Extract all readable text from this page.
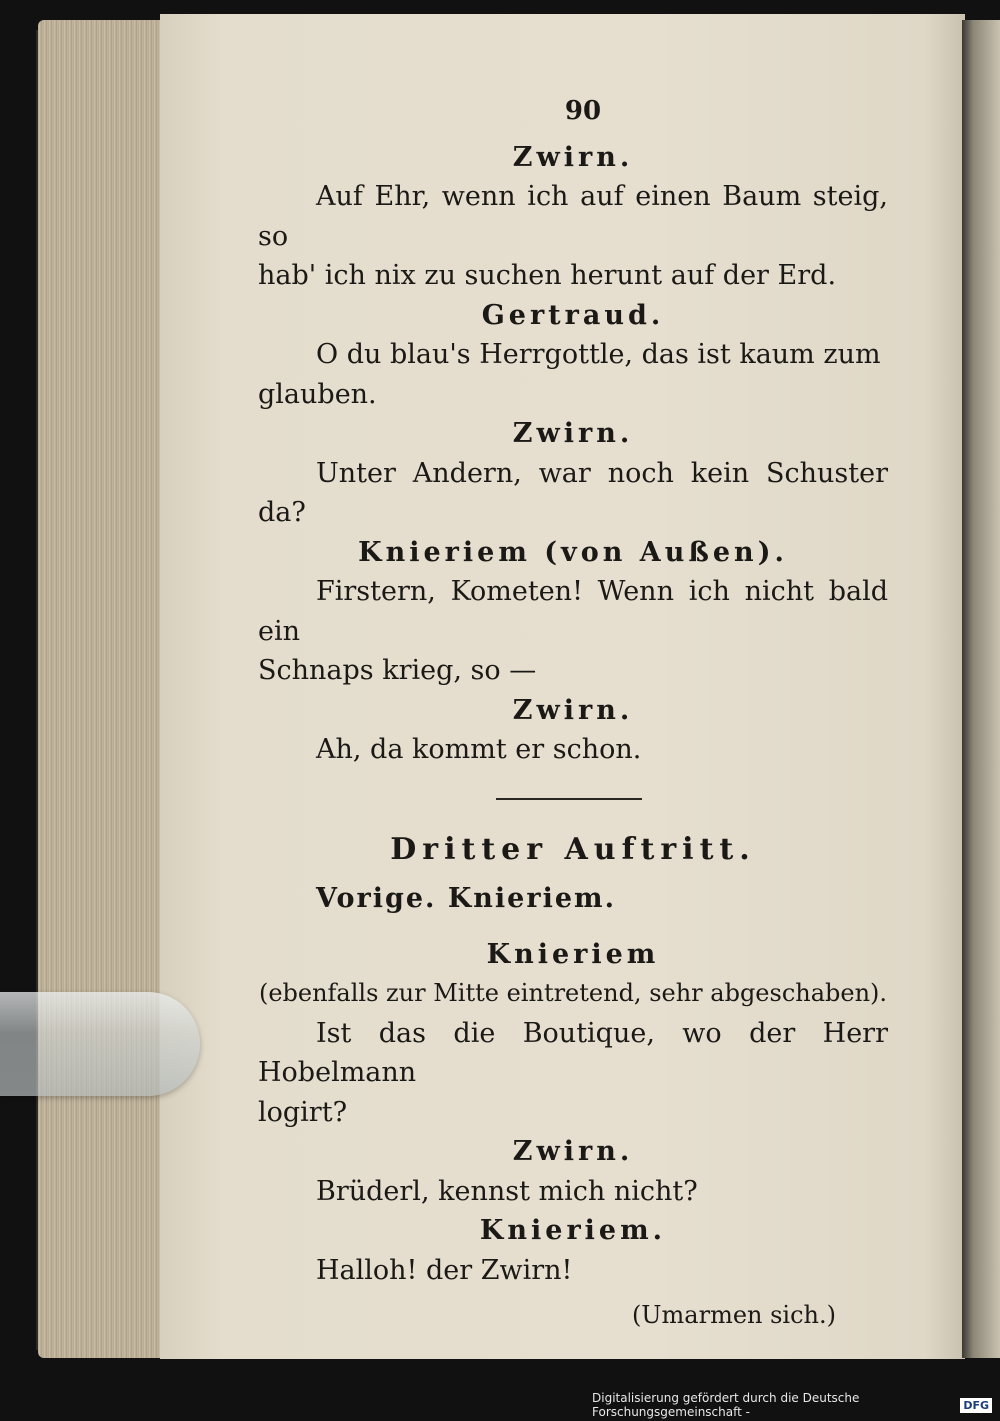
90
Zwirn.
Auf Ehr, wenn ich auf einen Baum steig, so
hab' ich nix zu suchen herunt auf der Erd.
Gertraud.
O du blau's Herrgottle, das ist kaum zum
glauben.
Zwirn.
Unter Andern, war noch kein Schuster da?
Knieriem (von Außen).
Firstern, Kometen! Wenn ich nicht bald ein
Schnaps krieg, so —
Zwirn.
Ah, da kommt er schon.
Dritter Auftritt.
Vorige. Knieriem.
Knieriem
(ebenfalls zur Mitte eintretend, sehr abgeschaben).
Ist das die Boutique, wo der Herr Hobelmann
logirt?
Zwirn.
Brüderl, kennst mich nicht?
Knieriem.
Halloh! der Zwirn!
(Umarmen sich.)
Digitalisierung gefördert durch die Deutsche Forschungsgemeinschaft -	DFG
